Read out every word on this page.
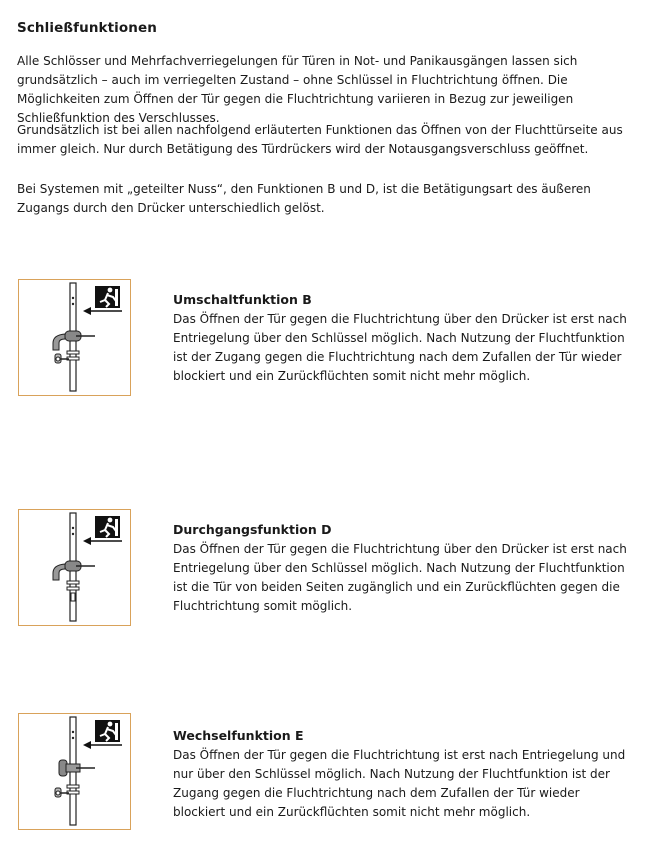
Schließfunktionen

Alle Schlösser und Mehrfachverriegelungen für Türen in Not- und Panikausgängen lassen sich grundsätzlich – auch im verriegelten Zustand – ohne Schlüssel in Fluchtrichtung öffnen. Die Möglichkeiten zum Öffnen der Tür gegen die Fluchtrichtung variieren in Bezug zur jeweiligen Schließfunktion des Verschlusses.

Grundsätzlich ist bei allen nachfolgend erläuterten Funktionen das Öffnen von der Fluchttürseite aus immer gleich. Nur durch Betätigung des Türdrückers wird der Notausgangsverschluss geöffnet.

Bei Systemen mit „geteilter Nuss“, den Funktionen B und D, ist die Betätigungsart des äußeren Zugangs durch den Drücker unterschiedlich gelöst.

Umschaltfunktion B

Das Öffnen der Tür gegen die Fluchtrichtung über den Drücker ist erst nach Entriegelung über den Schlüssel möglich. Nach Nutzung der Fluchtfunktion ist der Zugang gegen die Fluchtrichtung nach dem Zufallen der Tür wieder blockiert und ein Zurückflüchten somit nicht mehr möglich.

Durchgangsfunktion D

Das Öffnen der Tür gegen die Fluchtrichtung über den Drücker ist erst nach Entriegelung über den Schlüssel möglich. Nach Nutzung der Fluchtfunktion ist die Tür von beiden Seiten zugänglich und ein Zurückflüchten gegen die Fluchtrichtung somit möglich.

Wechselfunktion E

Das Öffnen der Tür gegen die Fluchtrichtung ist erst nach Entriegelung und nur über den Schlüssel möglich. Nach Nutzung der Fluchtfunktion ist der Zugang gegen die Fluchtrichtung nach dem Zufallen der Tür wieder blockiert und ein Zurückflüchten somit nicht mehr möglich.
